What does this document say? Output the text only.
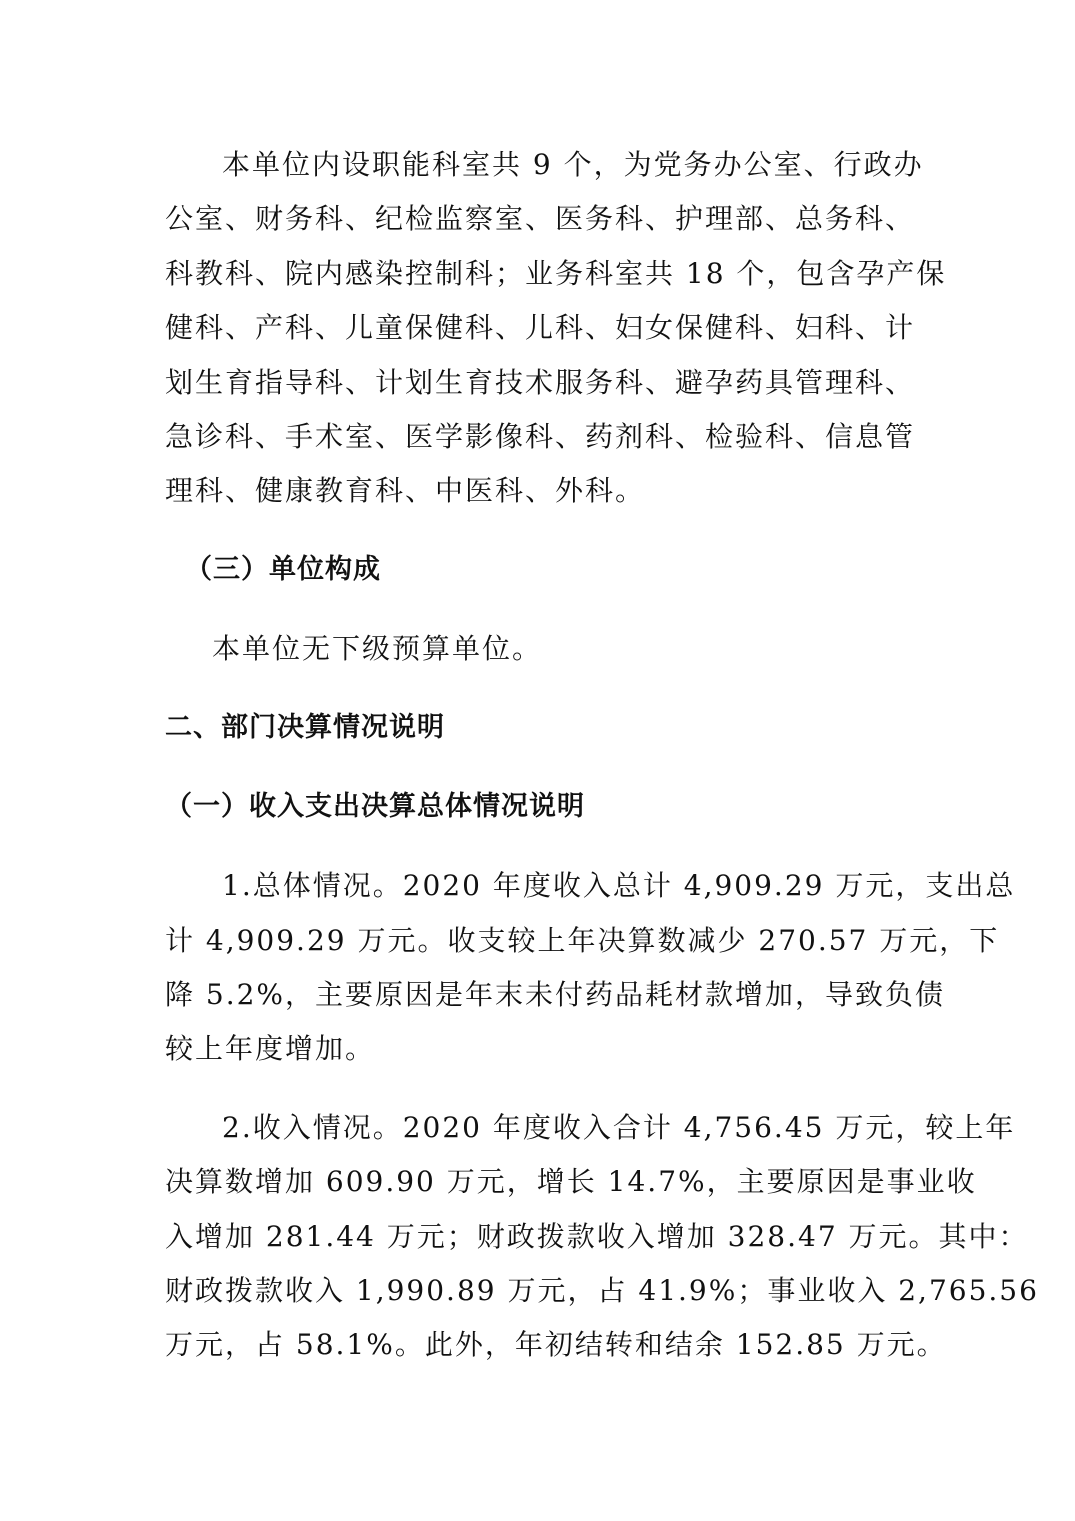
本单位内设职能科室共 9 个，为党务办公室、行政办
公室、财务科、纪检监察室、医务科、护理部、总务科、
科教科、院内感染控制科；业务科室共 18 个，包含孕产保
健科、产科、儿童保健科、儿科、妇女保健科、妇科、计
划生育指导科、计划生育技术服务科、避孕药具管理科、
急诊科、手术室、医学影像科、药剂科、检验科、信息管
理科、健康教育科、中医科、外科。
（三）单位构成
本单位无下级预算单位。
二、部门决算情况说明
（一）收入支出决算总体情况说明
1.总体情况。2020 年度收入总计 4,909.29 万元，支出总
计 4,909.29 万元。收支较上年决算数减少 270.57 万元，下
降 5.2%，主要原因是年末未付药品耗材款增加，导致负债
较上年度增加。
2.收入情况。2020 年度收入合计 4,756.45 万元，较上年
决算数增加 609.90 万元，增长 14.7%，主要原因是事业收
入增加 281.44 万元；财政拨款收入增加 328.47 万元。其中：
财政拨款收入 1,990.89 万元，占 41.9%；事业收入 2,765.56
万元，占 58.1%。此外，年初结转和结余 152.85 万元。
